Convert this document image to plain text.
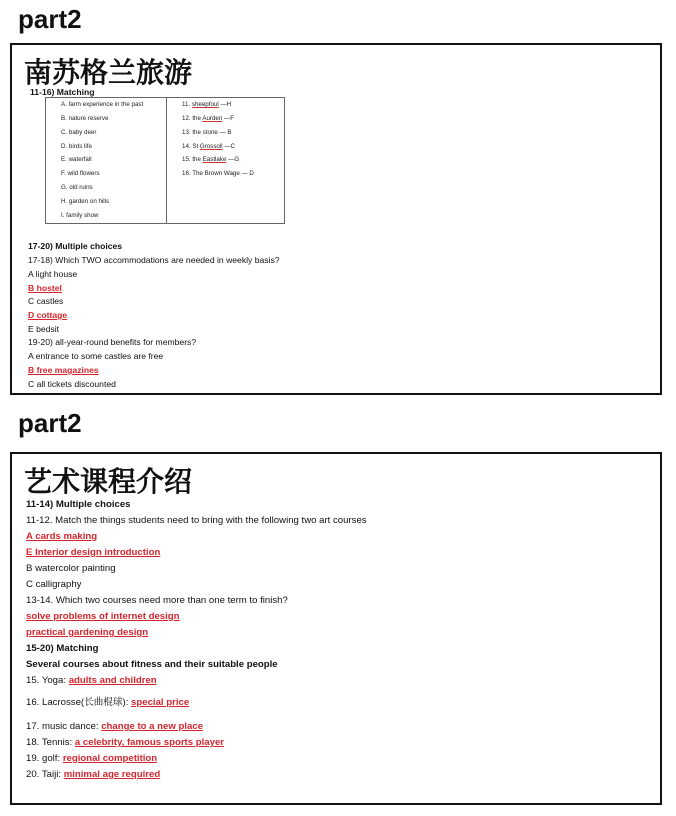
part2
南苏格兰旅游
11-16) Matching
A. farm experience in the past
B. nature reserve
C. baby deer
D. birds life
E. waterfall
F. wild flowers
G. old ruins
H. garden on hills
I. family show
11. sheepfoul —H
12. the Aurden —F
13. the stone — B
14. St Grossoll —C
15. the Eastlake —G
16. The Brown Wage — D
17-20) Multiple choices
17-18) Which TWO accommodations are needed in weekly basis?
A light house
B hostel
C castles
D cottage
E bedsit
19-20) all-year-round benefits for members?
A entrance to some castles are free
B free magazines
C all tickets discounted
part2
艺术课程介绍
11-14) Multiple choices
11-12. Match the things students need to bring with the following two art courses
A cards making
E Interior design introduction
B watercolor painting
C calligraphy
13-14. Which two courses need more than one term to finish?
solve problems of internet design
practical gardening design
15-20) Matching
Several courses about fitness and their suitable people
15. Yoga: adults and children
16. Lacrosse(长曲棍球): special price
17. music dance: change to a new place
18. Tennis: a celebrity, famous sports player
19. golf: regional competition
20. Taiji: minimal age required
